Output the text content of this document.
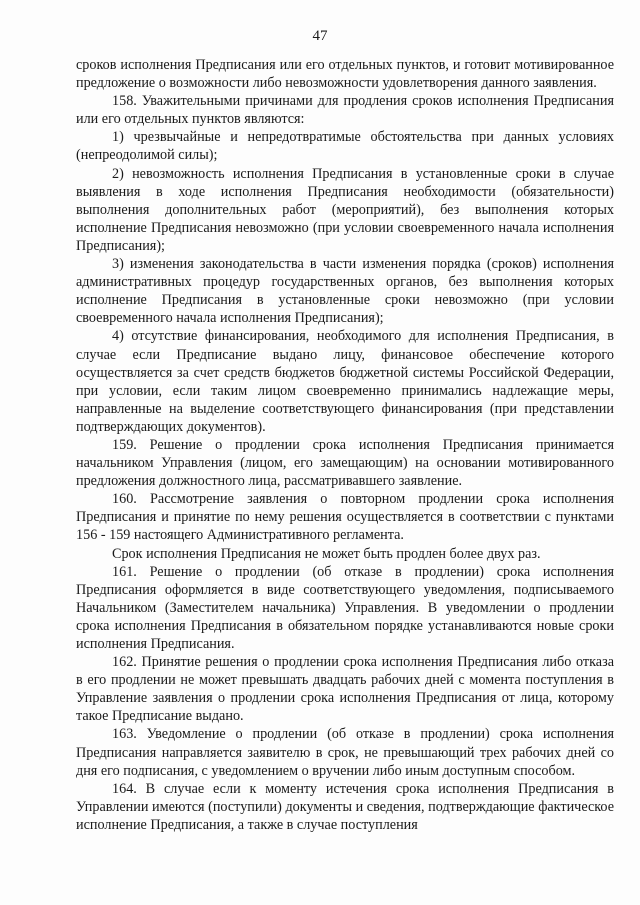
47

сроков исполнения Предписания или его отдельных пунктов, и готовит мотивированное предложение о возможности либо невозможности удовлетворения данного заявления.

158. Уважительными причинами для продления сроков исполнения Предписания или его отдельных пунктов являются:

1) чрезвычайные и непредотвратимые обстоятельства при данных условиях (непреодолимой силы);

2) невозможность исполнения Предписания в установленные сроки в случае выявления в ходе исполнения Предписания необходимости (обязательности) выполнения дополнительных работ (мероприятий), без выполнения которых исполнение Предписания невозможно (при условии своевременного начала исполнения Предписания);

3) изменения законодательства в части изменения порядка (сроков) исполнения административных процедур государственных органов, без выполнения которых исполнение Предписания в установленные сроки невозможно (при условии своевременного начала исполнения Предписания);

4) отсутствие финансирования, необходимого для исполнения Предписания, в случае если Предписание выдано лицу, финансовое обеспечение которого осуществляется за счет средств бюджетов бюджетной системы Российской Федерации, при условии, если таким лицом своевременно принимались надлежащие меры, направленные на выделение соответствующего финансирования (при представлении подтверждающих документов).

159. Решение о продлении срока исполнения Предписания принимается начальником Управления (лицом, его замещающим) на основании мотивированного предложения должностного лица, рассматривавшего заявление.

160. Рассмотрение заявления о повторном продлении срока исполнения Предписания и принятие по нему решения осуществляется в соответствии с пунктами 156 - 159 настоящего Административного регламента.

Срок исполнения Предписания не может быть продлен более двух раз.

161. Решение о продлении (об отказе в продлении) срока исполнения Предписания оформляется в виде соответствующего уведомления, подписываемого Начальником (Заместителем начальника) Управления. В уведомлении о продлении срока исполнения Предписания в обязательном порядке устанавливаются новые сроки исполнения Предписания.

162. Принятие решения о продлении срока исполнения Предписания либо отказа в его продлении не может превышать двадцать рабочих дней с момента поступления в Управление заявления о продлении срока исполнения Предписания от лица, которому такое Предписание выдано.

163. Уведомление о продлении (об отказе в продлении) срока исполнения Предписания направляется заявителю в срок, не превышающий трех рабочих дней со дня его подписания, с уведомлением о вручении либо иным доступным способом.

164. В случае если к моменту истечения срока исполнения Предписания в Управлении имеются (поступили) документы и сведения, подтверждающие фактическое исполнение Предписания, а также в случае поступления
